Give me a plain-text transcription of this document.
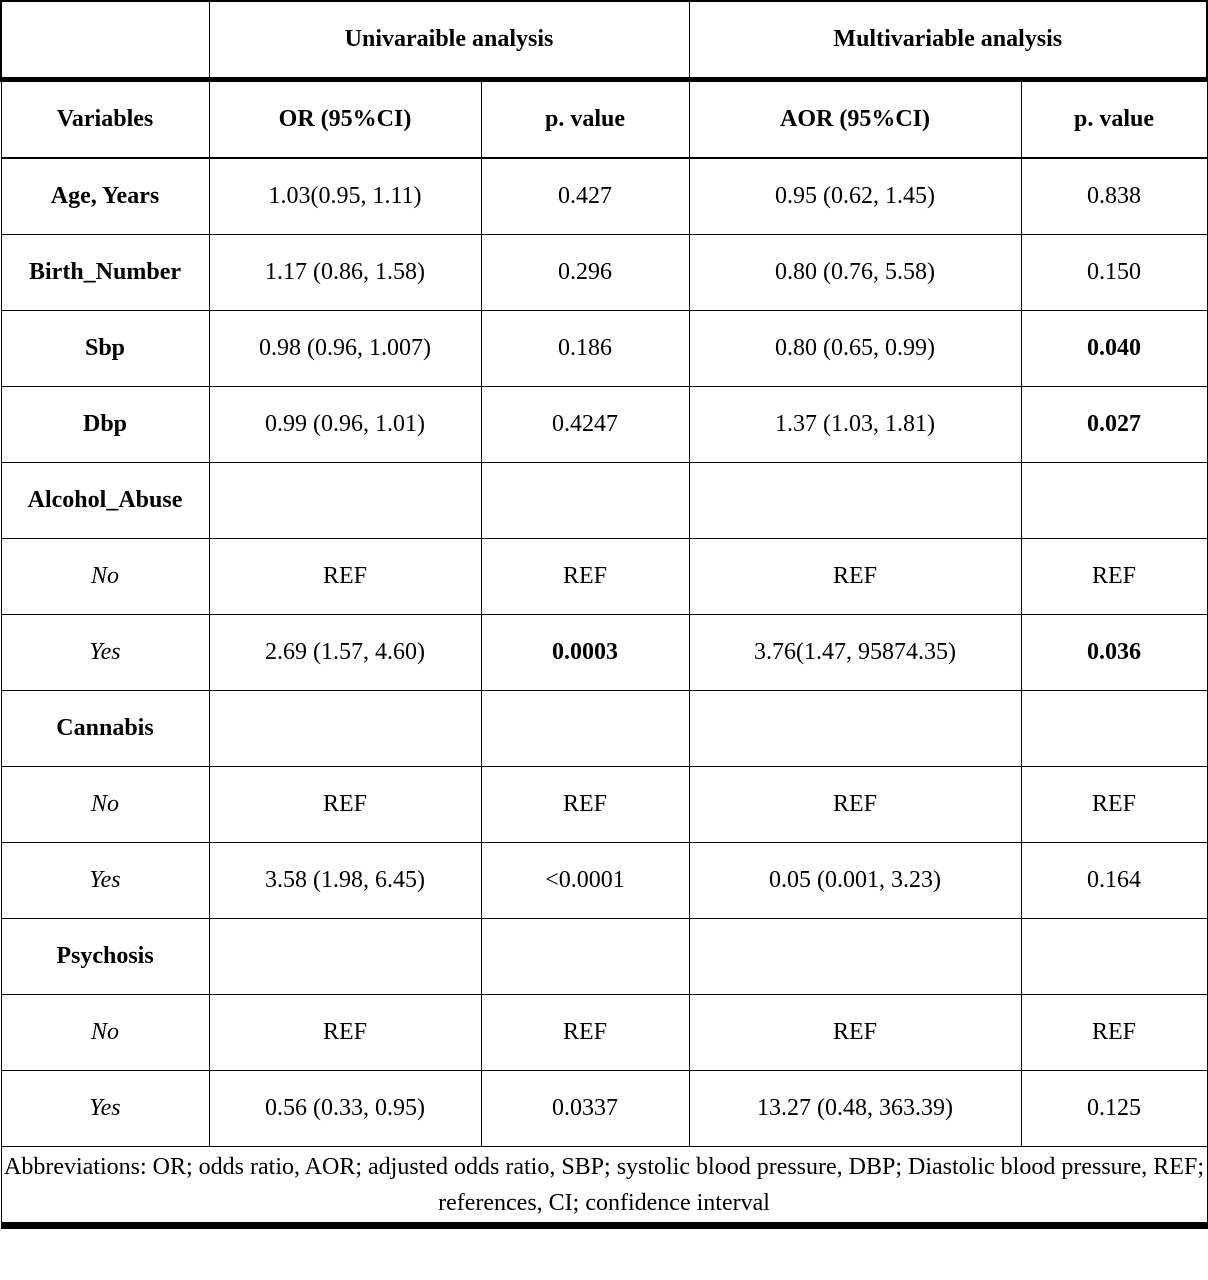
	Univaraible analysis		Multivariable analysis	
Variables	OR (95%CI)	p. value	AOR (95%CI)	p. value
Age, Years	1.03(0.95, 1.11)	0.427	0.95 (0.62, 1.45)	0.838
Birth_Number	1.17 (0.86, 1.58)	0.296	0.80 (0.76, 5.58)	0.150
Sbp	0.98 (0.96, 1.007)	0.186	0.80 (0.65, 0.99)	0.040
Dbp	0.99 (0.96, 1.01)	0.4247	1.37 (1.03, 1.81)	0.027
Alcohol_Abuse				
No	REF	REF	REF	REF
Yes	2.69 (1.57, 4.60)	0.0003	3.76(1.47, 95874.35)	0.036
Cannabis				
No	REF	REF	REF	REF
Yes	3.58 (1.98, 6.45)	<0.0001	0.05 (0.001, 3.23)	0.164
Psychosis				
No	REF	REF	REF	REF
Yes	0.56 (0.33, 0.95)	0.0337	13.27 (0.48, 363.39)	0.125
Abbreviations: OR; odds ratio, AOR; adjusted odds ratio, SBP; systolic blood pressure, DBP; Diastolic blood pressure, REF; references, CI; confidence interval				
